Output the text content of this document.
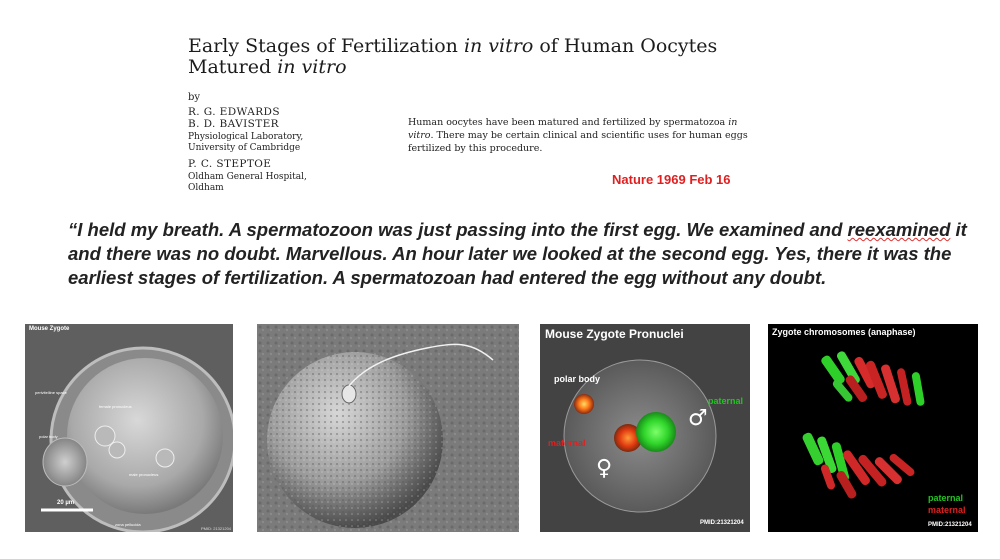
Early Stages of Fertilization in vitro of Human Oocytes
Matured in vitro
by
R. G. EDWARDS
B. D. BAVISTER
Physiological Laboratory,
University of Cambridge
P. C. STEPTOE
Oldham General Hospital,
Oldham
Human oocytes have been matured and fertilized by spermatozoa in vitro. There may be certain clinical and scientific uses for human eggs fertilized by this procedure.
Nature 1969 Feb 16
“I held my breath. A spermatozoon was just passing into the first egg. We examined and reexamined it and there was no doubt. Marvellous. An hour later we looked at the second egg. Yes, there it was the earliest stages of fertilization. A spermatozoan had entered the egg without any doubt.
Mouse Zygote
20 µm
perivitelline space
female pronucleus
polar body
male pronucleus
zona pellucida
PMID: 21321204
Mouse Zygote Pronuclei
polar body
paternal
maternal
♂
♀
PMID:21321204
Zygote chromosomes (anaphase)
paternal
maternal
PMID:21321204
